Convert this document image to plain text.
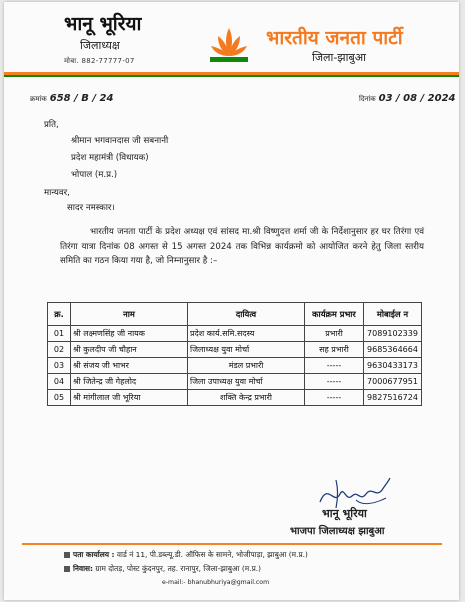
भानू भूरिया
जिलाध्यक्ष
मोबा. 882-77777-07
भारतीय जनता पार्टी
जिला-झाबुआ
क्रमांक 658 / B / 24	दिनांक 03 / 08 / 2024
प्रति,
श्रीमान भगवानदास जी सबनानी
प्रदेश महामंत्री (विधायक)
भोपाल (म.प्र.)
मान्यवर,
सादर नमस्कार।
भारतीय जनता पार्टी के प्रदेश अध्यक्ष एवं सांसद मा.श्री विष्णुदत्त शर्मा जी के निर्देशानुसार हर घर तिरंगा एवं तिरंगा यात्रा दिनांक 08 अगस्त से 15 अगस्त 2024 तक विभिन्न कार्यक्रमो को आयोजित करने हेतु जिला स्तरीय समिति का गठन किया गया है, जो निम्नानुसार है :–
क्र.	नाम	दायित्व	कार्यक्रम प्रभार	मोबाईल न
01	श्री लक्ष्मणसिंह जी नायक	प्रदेश कार्य.समि.सदस्य	प्रभारी	7089102339
02	श्री कुलदीप जी चौहान	जिलाध्यक्ष युवा मोर्चा	सह प्रभारी	9685364664
03	श्री संजय जी भाभर	मंडल प्रभारी	-----	9630433173
04	श्री जितेन्द्र जी गेहलोद	जिला उपाध्यक्ष युवा मोर्चा	-----	7000677951
05	श्री मांगीलाल जी भूरिया	शक्ति केन्द्र प्रभारी	-----	9827516724
भानू भूरिया
भाजपा जिलाध्यक्ष झाबुआ
पता कार्यालय : वार्ड नं 11, पी.डब्ल्यू.डी. ऑफिस के सामने, भोजीपाड़ा, झाबुआ (म.प्र.)
निवास: ग्राम दोतड़, पोस्ट कुंदनपुर, तह. रानापुर, जिला-झाबुआ (म.प्र.)
e-mail:- bhanubhuriya@gmail.com
